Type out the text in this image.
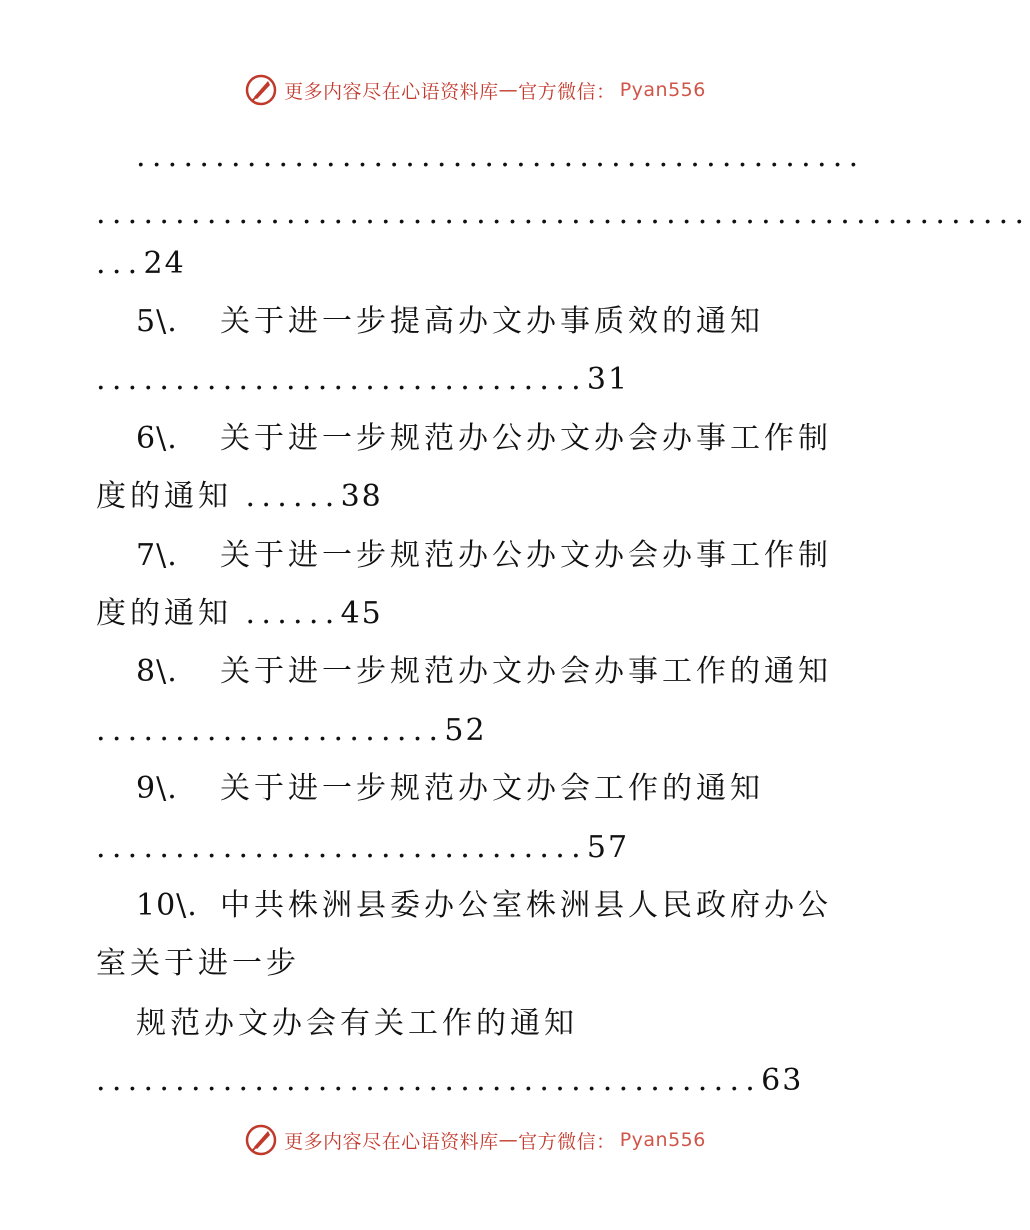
更多内容尽在心语资料库 — 官方微信： Pyan556
..............................................
...........................................................
...24
5\. 关于进一步提高办文办事质效的通知
...............................31
6\. 关于进一步规范办公办文办会办事工作制
度的通知 ......38
7\. 关于进一步规范办公办文办会办事工作制
度的通知 ......45
8\. 关于进一步规范办文办会办事工作的通知
......................52
9\. 关于进一步规范办文办会工作的通知
...............................57
10\. 中共株洲县委办公室株洲县人民政府办公
室关于进一步
规范办文办会有关工作的通知
..........................................63
更多内容尽在心语资料库 — 官方微信： Pyan556
